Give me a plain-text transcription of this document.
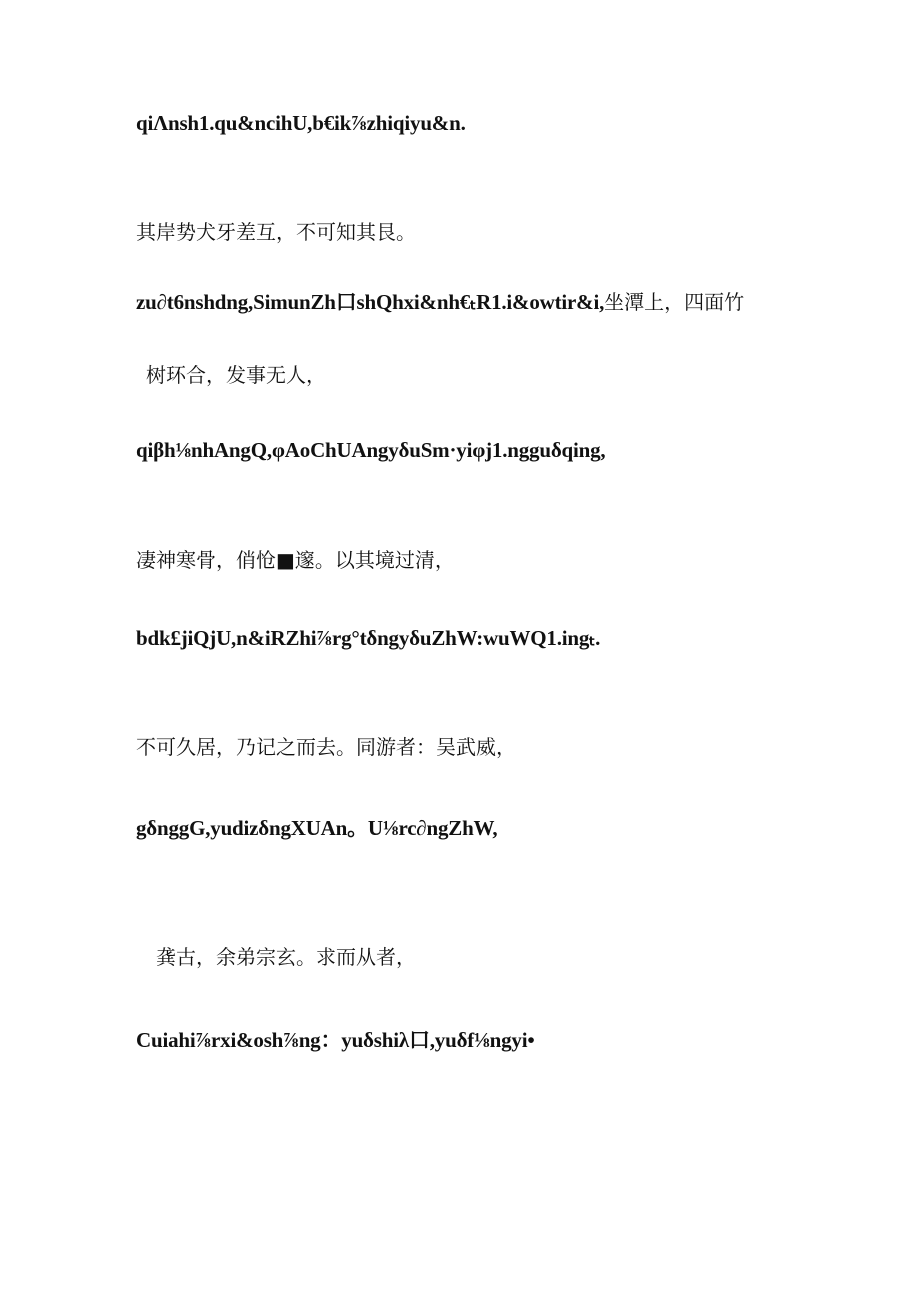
qiΛnsh1.qu&ncihU,b€ik⅞zhiqiyu&n.
其岸势犬牙差互，不可知其艮。
zu∂t6nshdng,SimunZh口shQhxi&nh€ₜR1.i&owtir&i,坐潭上，四面竹
树环合，发事无人，
qiβh⅛nhAngQ,φAoChUAngyδuSm·yiφj1.ngguδqing,
凄神寒骨，俏怆■邃。以其境过清，
bdk£jiQjU,n&iRZhi⅞rg°tδngyδuZhW:wuWQ1.ingₜ.
不可久居，乃记之而去。同游者：吴武威，
gδnggG,yudizδngXUAn。U⅛rc∂ngZhW,
龚古，余弟宗玄。求而从者，
Cuiahi⅞rxi&osh⅞ng：yuδshiλ口,yuδf⅛ngyi•
